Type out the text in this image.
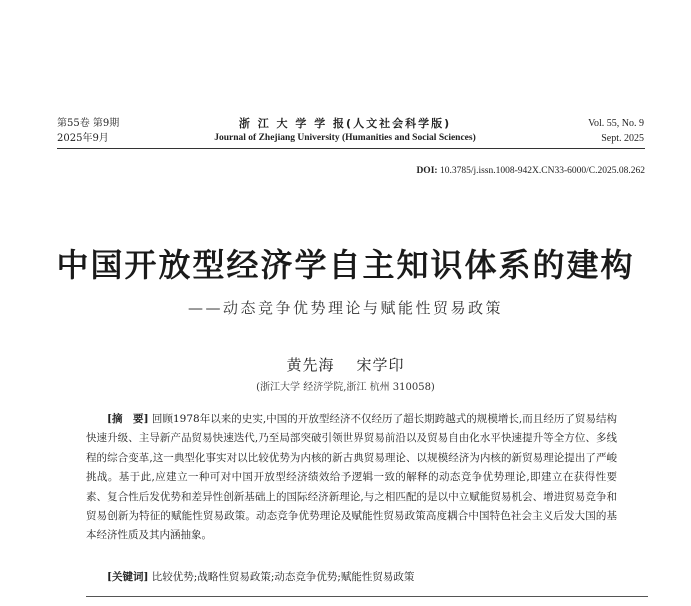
第55卷 第9期
2025年9月
浙 江 大 学 学 报(人文社会科学版)
Journal of Zhejiang University (Humanities and Social Sciences)
Vol. 55, No. 9
Sept. 2025
DOI: 10.3785/j.issn.1008-942X.CN33-6000/C.2025.08.262
中国开放型经济学自主知识体系的建构
——动态竞争优势理论与赋能性贸易政策
黄先海 宋学印
(浙江大学 经济学院,浙江 杭州 310058)

[摘　要] 回顾1978年以来的史实,中国的开放型经济不仅经历了超长期跨越式的规模增长,而且经历了贸易结构快速升级、主导新产品贸易快速迭代,乃至局部突破引领世界贸易前沿以及贸易自由化水平快速提升等全方位、多线程的综合变革,这一典型化事实对以比较优势为内核的新古典贸易理论、以规模经济为内核的新贸易理论提出了严峻挑战。基于此,应建立一种可对中国开放型经济绩效给予逻辑一致的解释的动态竞争优势理论,即建立在获得性要素、复合性后发优势和差异性创新基础上的国际经济新理论,与之相匹配的是以中立赋能贸易机会、增进贸易竞争和贸易创新为特征的赋能性贸易政策。动态竞争优势理论及赋能性贸易政策高度耦合中国特色社会主义后发大国的基本经济性质及其内涵抽象。

[关键词] 比较优势;战略性贸易政策;动态竞争优势;赋能性贸易政策
